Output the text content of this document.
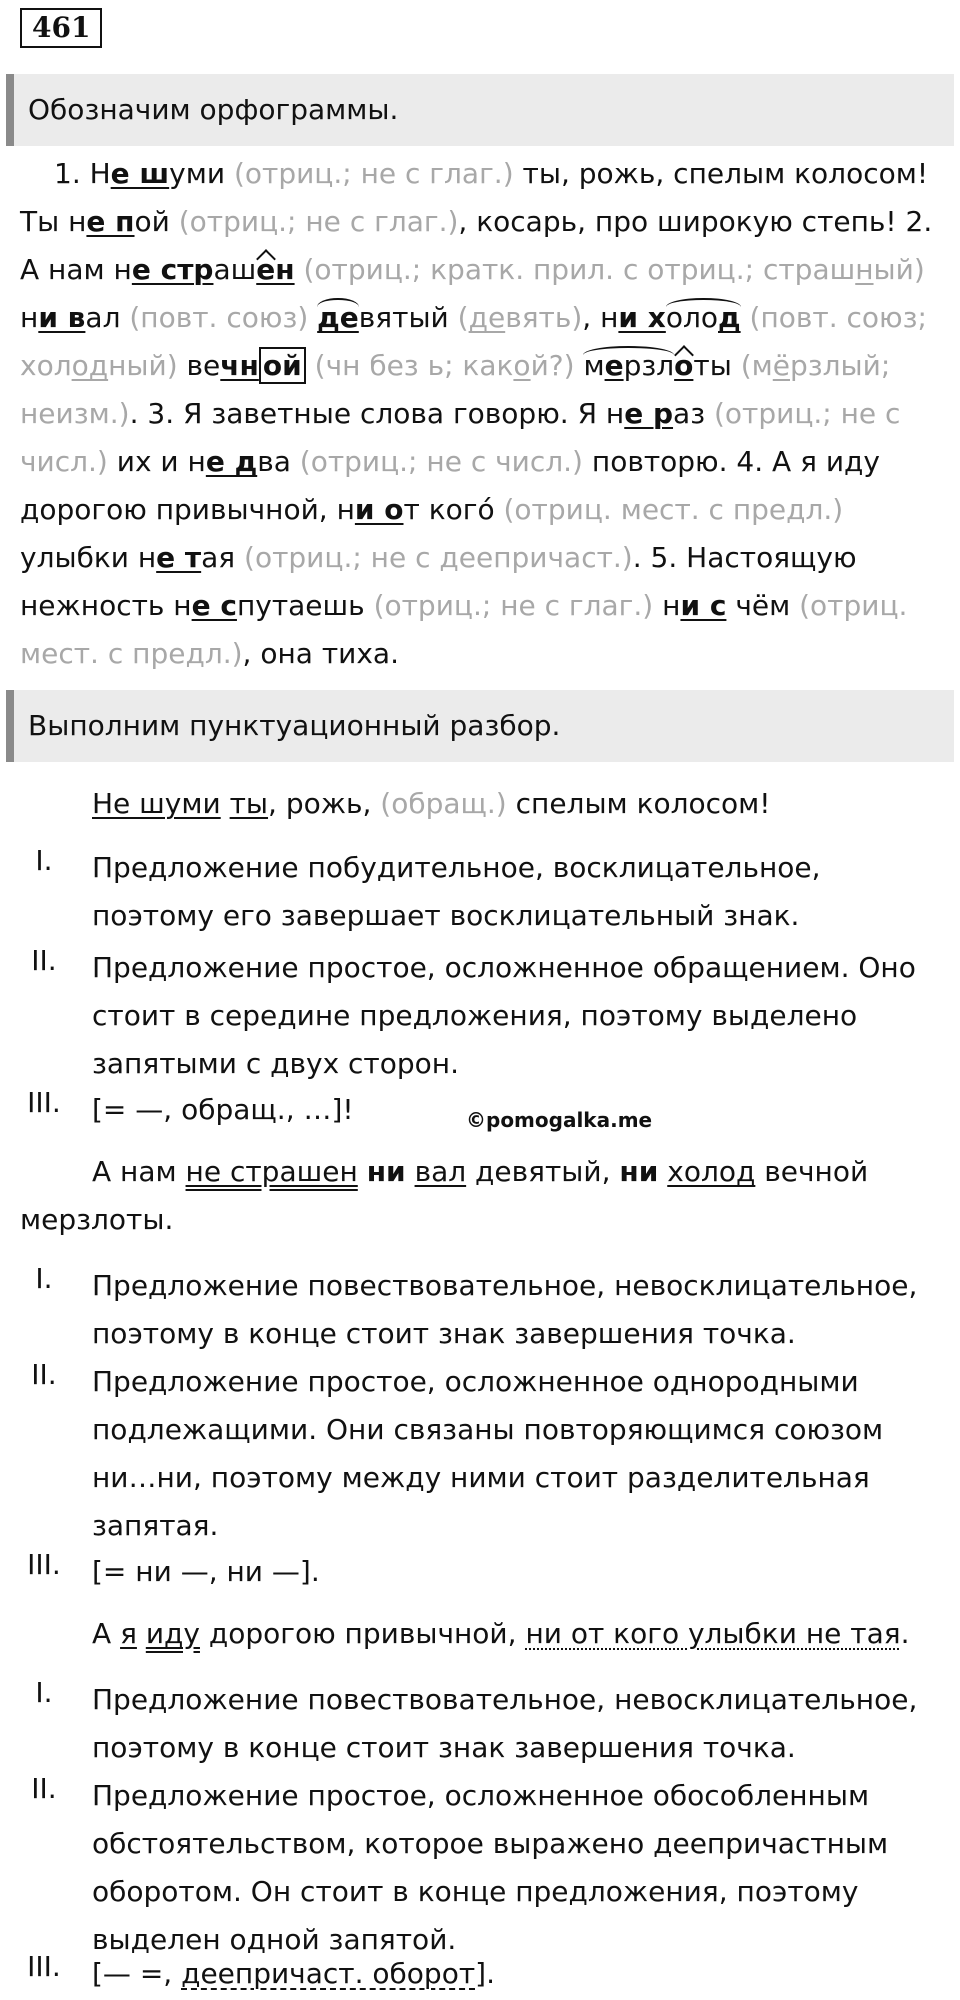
461
Обозначим орфограммы.
1. Не шуми (отриц.; не с глаг.) ты, рожь, спелым колосом!
Ты не пой (отриц.; не с глаг.), косарь, про широкую степь! 2.
А нам не страшен (отриц.; кратк. прил. с отриц.; страшный)
ни вал (повт. союз) девятый (девять), ни холод (повт. союз;
холодный) вечн ой (чн без ь; какой?) мерзлоты (мёрзлый;
неизм.). 3. Я заветные слова говорю. Я не раз (отриц.; не с
числ.) их и не два (отриц.; не с числ.) повторю. 4. А я иду
дорогою привычной, ни от кого́ (отриц. мест. с предл.)
улыбки не тая (отриц.; не с деепричаст.). 5. Настоящую
нежность не спутаешь (отриц.; не с глаг.) ни с чём (отриц.
мест. с предл.), она тиха.
Выполним пунктуационный разбор.
Не шуми ты, рожь, (обращ.) спелым колосом!
I.	Предложение побудительное, восклицательное,
поэтому его завершает восклицательный знак.
II. Предложение простое, осложненное обращением. Оно
стоит в середине предложения, поэтому выделено
запятыми с двух сторон.
III. [= —, обращ., …]!	©pomogalka.me
А нам не страшен ни вал девятый, ни холод вечной
мерзлоты.
I.	Предложение повествовательное, невосклицательное,
поэтому в конце стоит знак завершения точка.
II. Предложение простое, осложненное однородными
подлежащими. Они связаны повторяющимся союзом
ни…ни, поэтому между ними стоит разделительная
запятая.
III. [= ни —, ни —].
А я иду дорогою привычной, ни от кого улыбки не тая.
I.	Предложение повествовательное, невосклицательное,
поэтому в конце стоит знак завершения точка.
II. Предложение простое, осложненное обособленным
обстоятельством, которое выражено деепричастным
оборотом. Он стоит в конце предложения, поэтому
выделен одной запятой.
III. [— =, деепричаст. оборот].
